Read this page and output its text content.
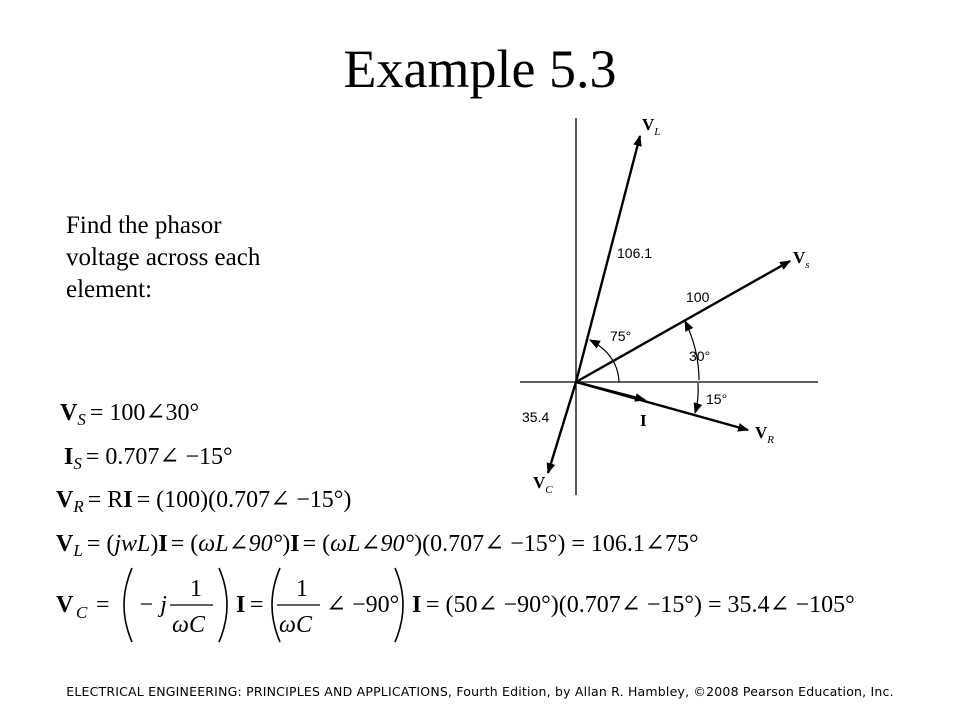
Example 5.3
Find the phasor
voltage across each
element:
$V_L$
106.1	$V_s$
100
$V_R$
I
$V_C$
35.4
75°
30°
15°
$V_S$ = 100∠30°
$I_S$ = 0.707∠ −15°
$V_R$ = RI = (100)(0.707∠ −15°)
$V_L = (jwL)I$ = (ωL∠90°)I = (ωL∠90°)(0.707∠ −15°) = 106.1∠75°
V C = − j
1
ωC
I =
1
ωC
∠ −90° I = (50∠ −90°)(0.707∠ −15°) = 35.4∠ −105°
ELECTRICAL ENGINEERING: PRINCIPLES AND APPLICATIONS, Fourth Edition, by Allan R. Hambley, ©2008 Pearson Education, Inc.
